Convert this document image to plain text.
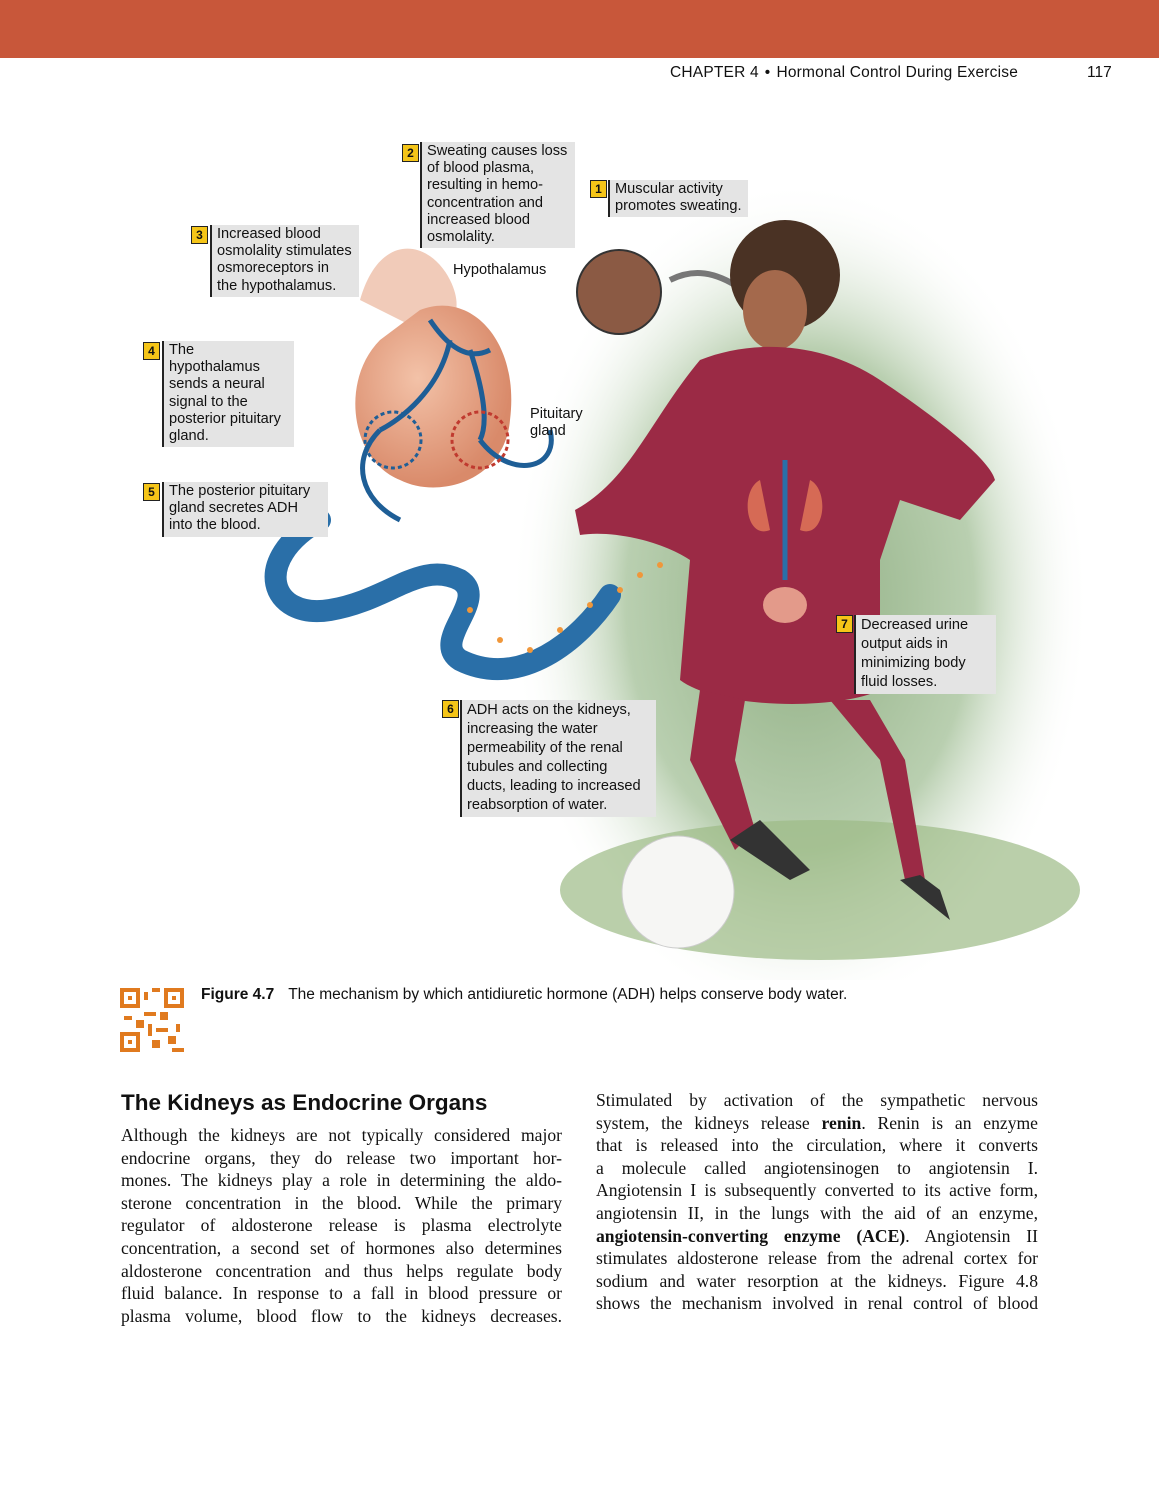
CHAPTER 4 • Hormonal Control During Exercise	117
1 Muscular activity
promotes sweating.
2 Sweating causes loss
of blood plasma,
resulting in hemo-
concentration and
increased blood
osmolality.
3 Increased blood
osmolality stimulates
osmoreceptors in
the hypothalamus.
4 The hypothalamus
sends a neural
signal to the
posterior pituitary
gland.
5 The posterior pituitary
gland secretes ADH
into the blood.
6 ADH acts on the kidneys,
increasing the water
permeability of the renal
tubules and collecting
ducts, leading to increased
reabsorption of water.
7 Decreased urine
output aids in
minimizing body
fluid losses.
Hypothalamus
Pituitary
gland
Figure 4.7 The mechanism by which antidiuretic hormone (ADH) helps conserve body water.
The Kidneys as Endocrine Organs
Although the kidneys are not typically considered major
endocrine organs, they do release two important hor-
mones. The kidneys play a role in determining the aldo-
sterone concentration in the blood. While the primary
regulator of aldosterone release is plasma electrolyte
concentration, a second set of hormones also determines
aldosterone concentration and thus helps regulate body
fluid balance. In response to a fall in blood pressure or
plasma volume, blood flow to the kidneys decreases.
Stimulated by activation of the sympathetic nervous
system, the kidneys release renin. Renin is an enzyme
that is released into the circulation, where it converts
a molecule called angiotensinogen to angiotensin I.
Angiotensin I is subsequently converted to its active form,
angiotensin II, in the lungs with the aid of an enzyme,
angiotensin-converting enzyme (ACE). Angiotensin II
stimulates aldosterone release from the adrenal cortex for
sodium and water resorption at the kidneys. Figure 4.8
shows the mechanism involved in renal control of blood
